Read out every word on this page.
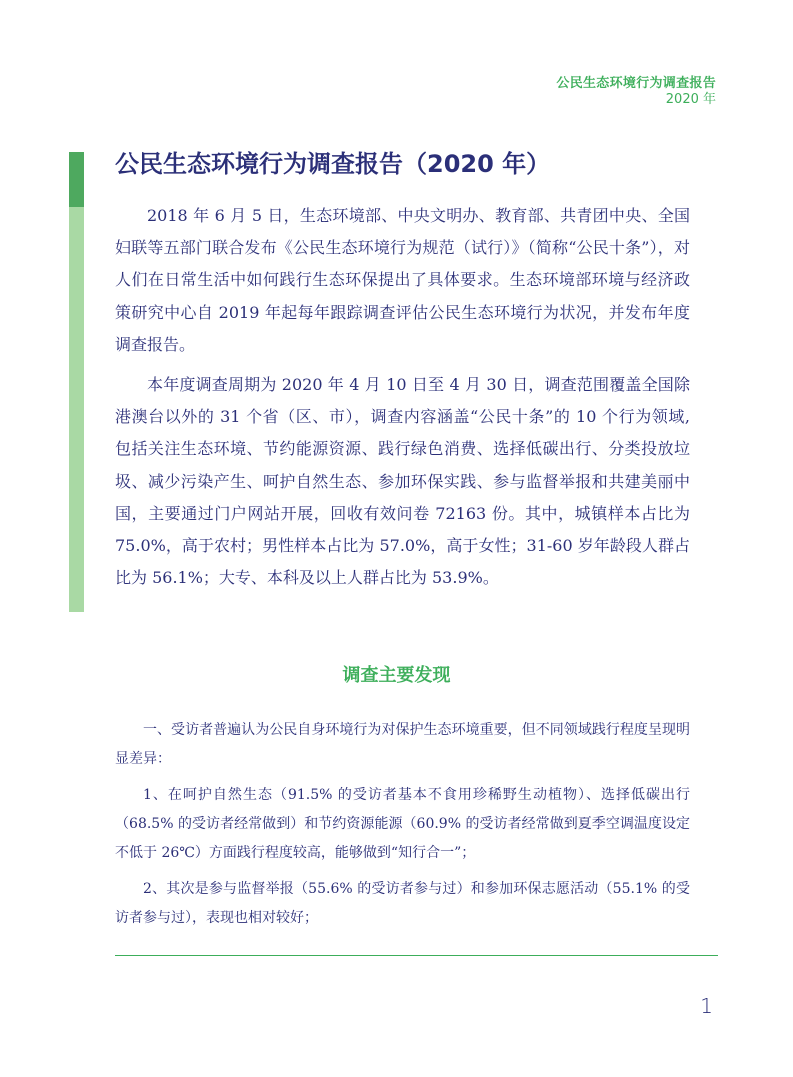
公民生态环境行为调查报告
2020 年
公民生态环境行为调查报告（2020 年）

2018 年 6 月 5 日，生态环境部、中央文明办、教育部、共青团中央、全国妇联等五部门联合发布《公民生态环境行为规范（试行）》（简称“公民十条”），对人们在日常生活中如何践行生态环保提出了具体要求。生态环境部环境与经济政策研究中心自 2019 年起每年跟踪调查评估公民生态环境行为状况，并发布年度调查报告。

本年度调查周期为 2020 年 4 月 10 日至 4 月 30 日，调查范围覆盖全国除港澳台以外的 31 个省（区、市），调查内容涵盖“公民十条”的 10 个行为领域, 包括关注生态环境、节约能源资源、践行绿色消费、选择低碳出行、分类投放垃圾、减少污染产生、呵护自然生态、参加环保实践、参与监督举报和共建美丽中国，主要通过门户网站开展，回收有效问卷 72163 份。其中，城镇样本占比为 75.0%，高于农村；男性样本占比为 57.0%，高于女性；31-60 岁年龄段人群占比为 56.1%；大专、本科及以上人群占比为 53.9%。

调查主要发现

一、受访者普遍认为公民自身环境行为对保护生态环境重要，但不同领域践行程度呈现明显差异：

1、在呵护自然生态（91.5% 的受访者基本不食用珍稀野生动植物）、选择低碳出行（68.5% 的受访者经常做到）和节约资源能源（60.9% 的受访者经常做到夏季空调温度设定不低于 26℃）方面践行程度较高，能够做到“知行合一”；

2、其次是参与监督举报（55.6% 的受访者参与过）和参加环保志愿活动（55.1% 的受访者参与过），表现也相对较好；

1
